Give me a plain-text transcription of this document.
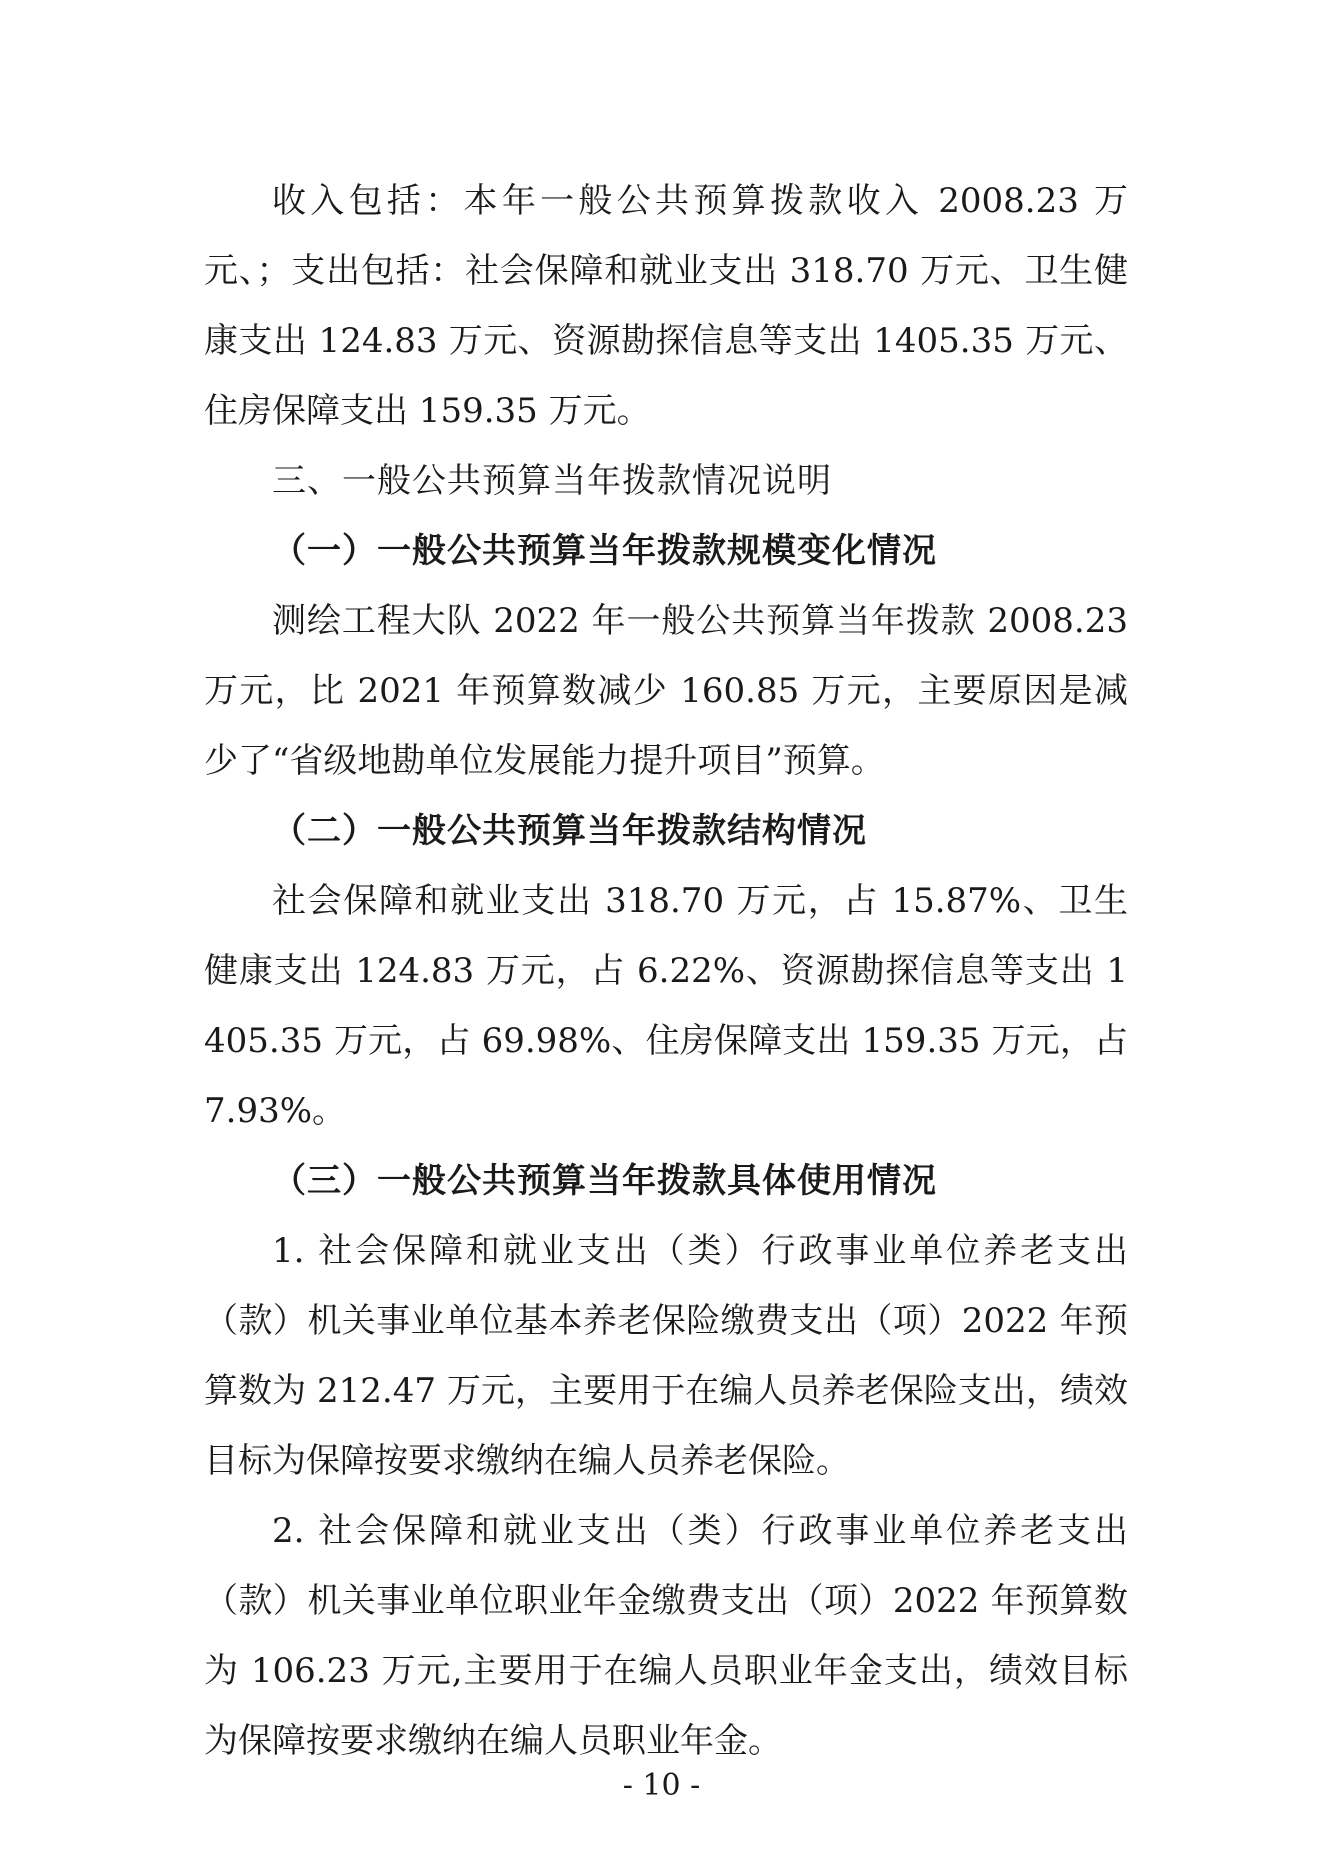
收入包括：本年一般公共预算拨款收入 2008.23 万元、；支出包括：社会保障和就业支出 318.70 万元、卫生健康支出 124.83 万元、资源勘探信息等支出 1405.35 万元、住房保障支出 159.35 万元。

三、一般公共预算当年拨款情况说明

（一）一般公共预算当年拨款规模变化情况

测绘工程大队 2022 年一般公共预算当年拨款 2008.23 万元，比 2021 年预算数减少 160.85 万元，主要原因是减少了“省级地勘单位发展能力提升项目”预算。

（二）一般公共预算当年拨款结构情况

社会保障和就业支出 318.70 万元，占 15.87%、卫生健康支出 124.83 万元，占 6.22%、资源勘探信息等支出 1405.35 万元，占 69.98%、住房保障支出 159.35 万元，占 7.93%。

（三）一般公共预算当年拨款具体使用情况

1. 社会保障和就业支出（类）行政事业单位养老支出（款）机关事业单位基本养老保险缴费支出（项）2022 年预算数为 212.47 万元，主要用于在编人员养老保险支出，绩效目标为保障按要求缴纳在编人员养老保险。

2. 社会保障和就业支出（类）行政事业单位养老支出（款）机关事业单位职业年金缴费支出（项）2022 年预算数为 106.23 万元,主要用于在编人员职业年金支出，绩效目标为保障按要求缴纳在编人员职业年金。

- 10 -
